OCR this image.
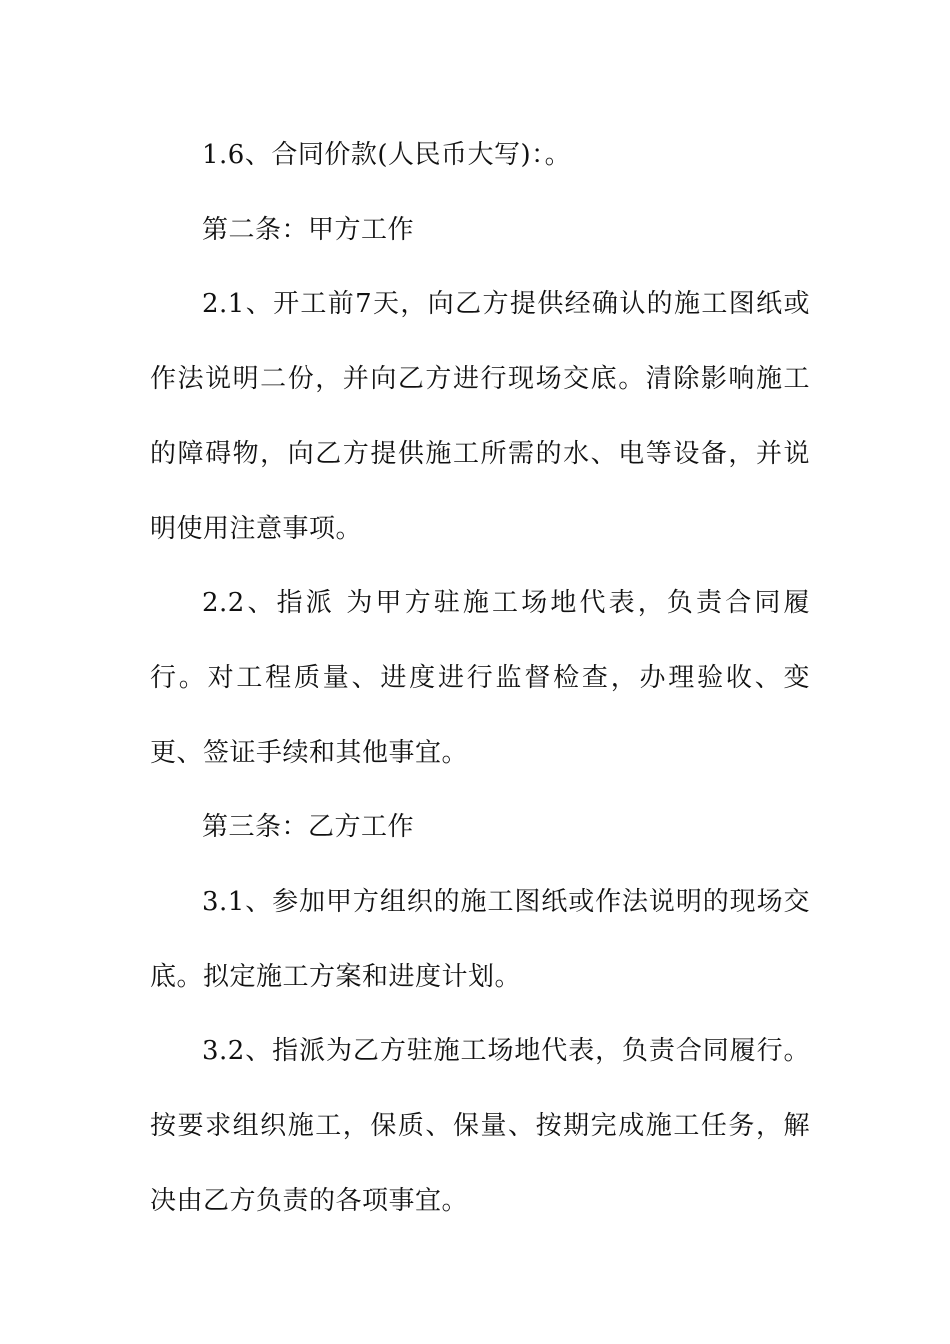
1.6、合同价款(人民币大写)：。

第二条：甲方工作

2.1、开工前7天，向乙方提供经确认的施工图纸或作法说明二份，并向乙方进行现场交底。清除影响施工的障碍物，向乙方提供施工所需的水、电等设备，并说明使用注意事项。

2.2、指派 为甲方驻施工场地代表，负责合同履行。对工程质量、进度进行监督检查，办理验收、变更、签证手续和其他事宜。

第三条：乙方工作

3.1、参加甲方组织的施工图纸或作法说明的现场交底。拟定施工方案和进度计划。

3.2、指派为乙方驻施工场地代表，负责合同履行。按要求组织施工，保质、保量、按期完成施工任务，解决由乙方负责的各项事宜。
